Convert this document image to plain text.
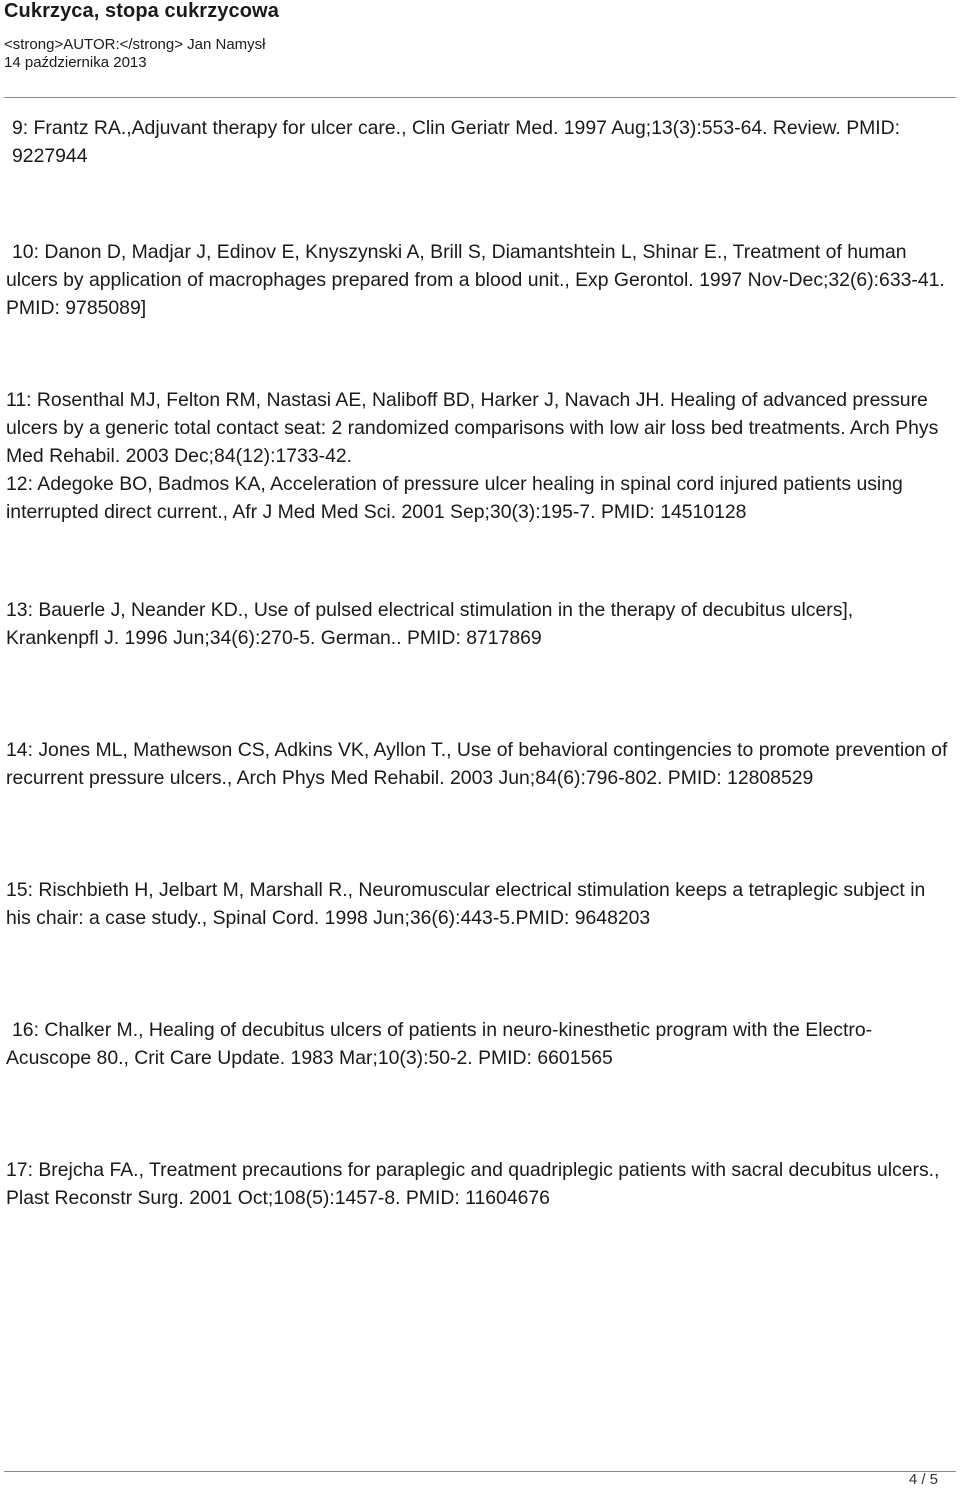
Cukrzyca, stopa cukrzycowa
<strong>AUTOR:</strong> Jan Namysł
14 października 2013

9: Frantz RA.,Adjuvant therapy for ulcer care., Clin Geriatr Med. 1997 Aug;13(3):553-64. Review. PMID: 9227944

10: Danon D, Madjar J, Edinov E, Knyszynski A, Brill S, Diamantshtein L, Shinar E., Treatment of human ulcers by application of macrophages prepared from a blood unit., Exp Gerontol. 1997 Nov-Dec;32(6):633-41. PMID: 9785089]

11: Rosenthal MJ, Felton RM, Nastasi AE, Naliboff BD, Harker J, Navach JH. Healing of advanced pressure ulcers by a generic total contact seat: 2 randomized comparisons with low air loss bed treatments. Arch Phys Med Rehabil. 2003 Dec;84(12):1733-42.

12: Adegoke BO, Badmos KA, Acceleration of pressure ulcer healing in spinal cord injured patients using interrupted direct current., Afr J Med Med Sci. 2001 Sep;30(3):195-7. PMID: 14510128

13: Bauerle J, Neander KD., Use of pulsed electrical stimulation in the therapy of decubitus ulcers], Krankenpfl J. 1996 Jun;34(6):270-5. German.. PMID: 8717869

14: Jones ML, Mathewson CS, Adkins VK, Ayllon T., Use of behavioral contingencies to promote prevention of recurrent pressure ulcers., Arch Phys Med Rehabil. 2003 Jun;84(6):796-802. PMID: 12808529

15: Rischbieth H, Jelbart M, Marshall R., Neuromuscular electrical stimulation keeps a tetraplegic subject in his chair: a case study., Spinal Cord. 1998 Jun;36(6):443-5.PMID: 9648203

16: Chalker M., Healing of decubitus ulcers of patients in neuro-kinesthetic program with the Electro-Acuscope 80., Crit Care Update. 1983 Mar;10(3):50-2. PMID: 6601565

17: Brejcha FA., Treatment precautions for paraplegic and quadriplegic patients with sacral decubitus ulcers., Plast Reconstr Surg. 2001 Oct;108(5):1457-8. PMID: 11604676

4 / 5
